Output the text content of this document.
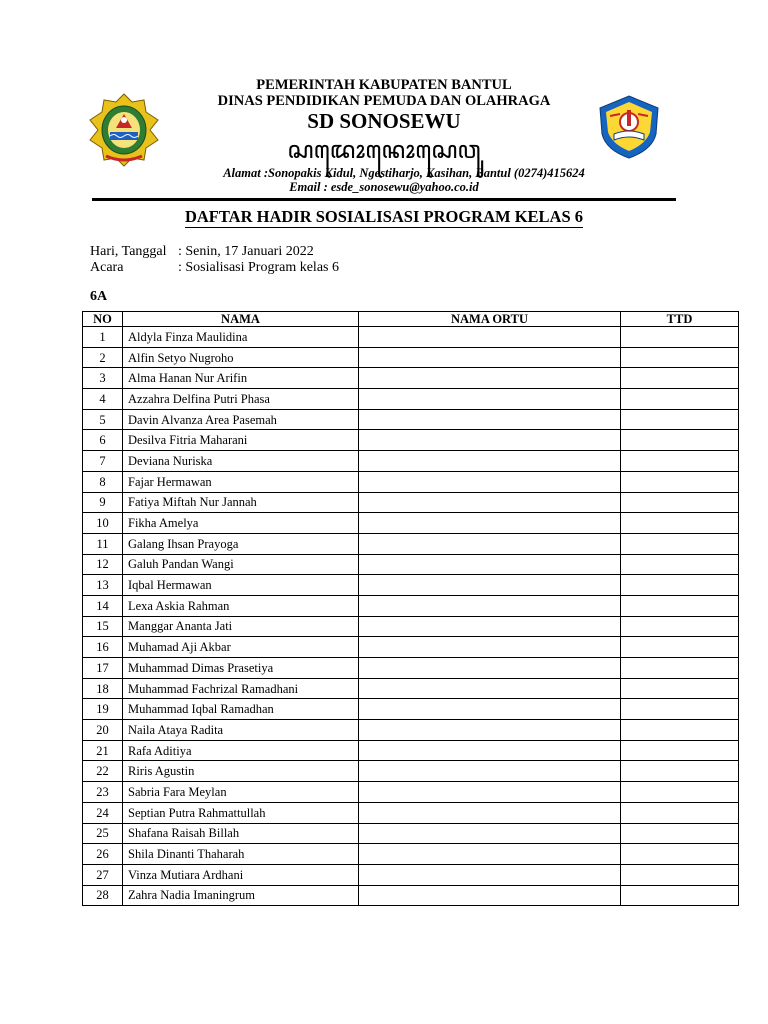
PEMERINTAH KABUPATEN BANTUL
DINAS PENDIDIKAN PEMUDA DAN OLAHRAGA
SD SONOSEWU
ꦱꦢꦺꦴꦤꦺꦴꦱꦺꦮꦸ
Alamat :Sonopakis Kidul, Ngestiharjo, Kasihan, Bantul (0274)415624
Email : esde_sonosewu@yahoo.co.id
DAFTAR HADIR SOSIALISASI PROGRAM KELAS 6
Hari, Tanggal : Senin, 17 Januari 2022
Acara	: Sosialisasi Program kelas 6
6A
NO	NAMA	NAMA ORTU	TTD
1	Aldyla Finza Maulidina		
2	Alfin Setyo Nugroho		
3	Alma Hanan Nur Arifin		
4	Azzahra Delfina Putri Phasa		
5	Davin Alvanza Area Pasemah		
6	Desilva Fitria Maharani		
7	Deviana Nuriska		
8	Fajar Hermawan		
9	Fatiya Miftah Nur Jannah		
10	Fikha Amelya		
11	Galang Ihsan Prayoga		
12	Galuh Pandan Wangi		
13	Iqbal Hermawan		
14	Lexa Askia Rahman		
15	Manggar Ananta Jati		
16	Muhamad Aji Akbar		
17	Muhammad Dimas Prasetiya		
18	Muhammad Fachrizal Ramadhani		
19	Muhammad Iqbal Ramadhan		
20	Naila Ataya Radita		
21	Rafa Aditiya		
22	Riris Agustin		
23	Sabria Fara Meylan		
24	Septian Putra Rahmattullah		
25	Shafana Raisah Billah		
26	Shila Dinanti Thaharah		
27	Vinza Mutiara Ardhani		
28	Zahra Nadia Imaningrum		
